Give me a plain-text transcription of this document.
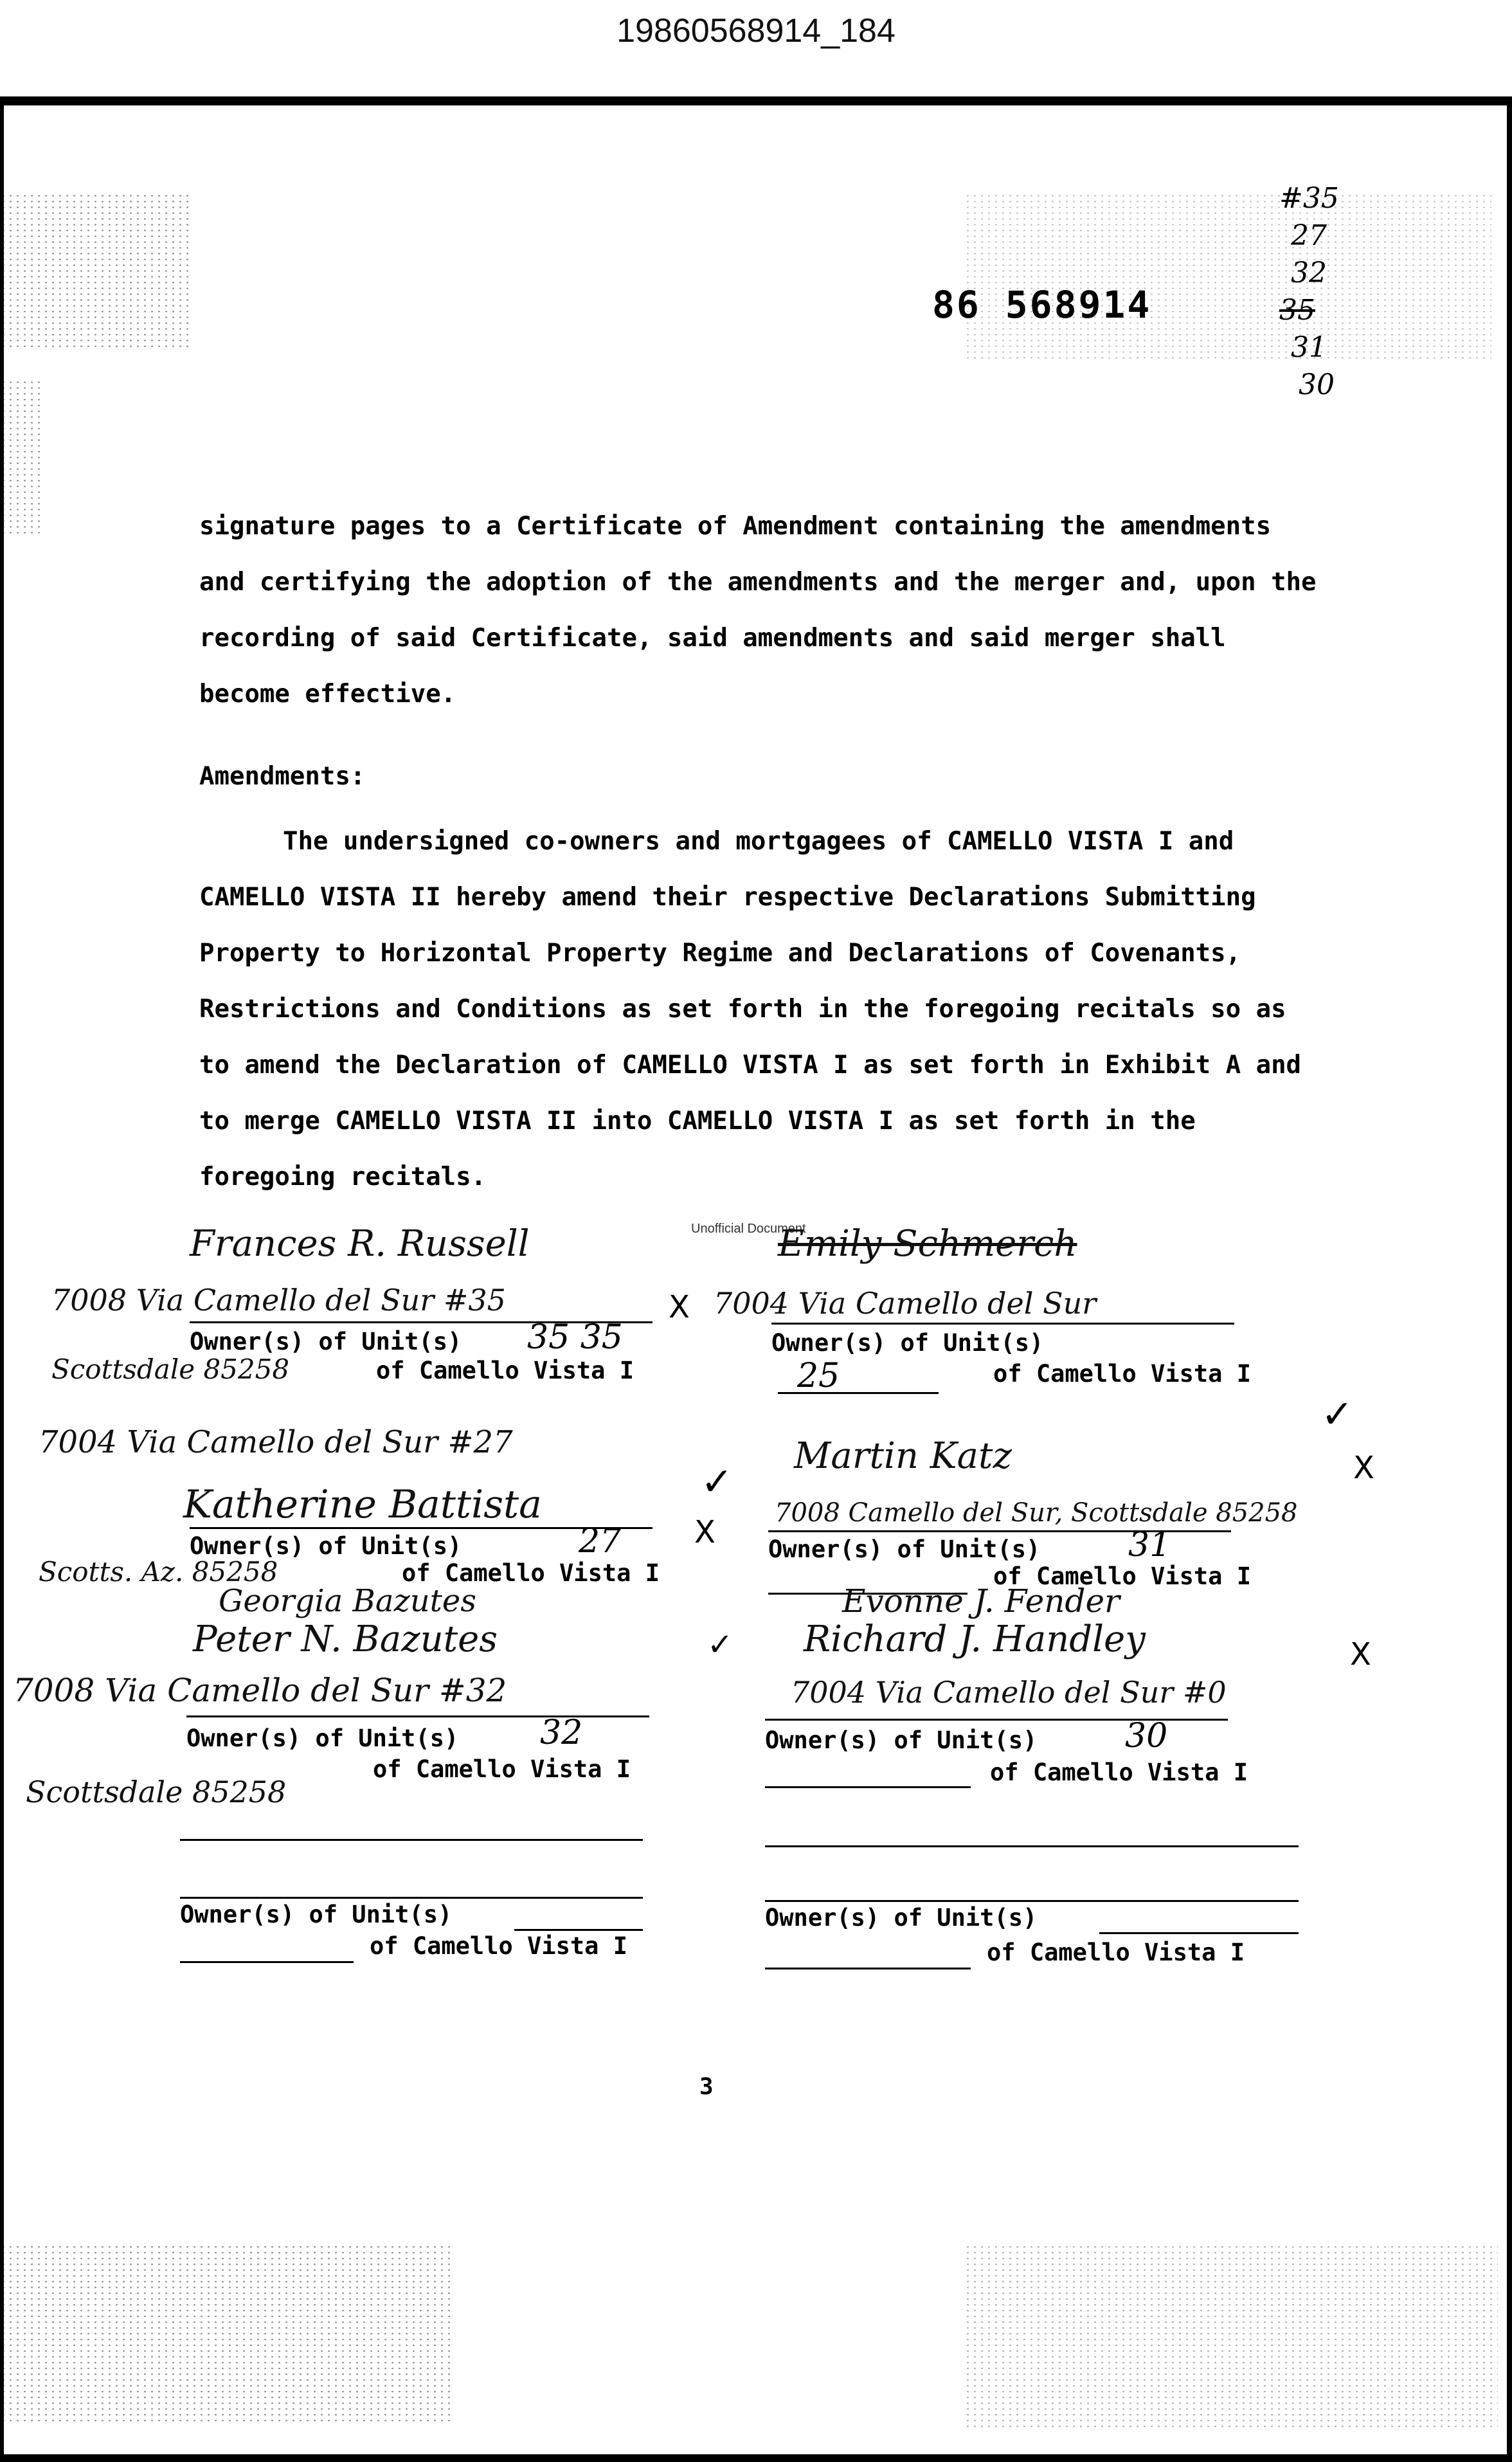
19860568914_184
86 568914
#35
27
32
35
31
30

signature pages to a Certificate of Amendment containing the amendments and certifying the adoption of the amendments and the merger and, upon the recording of said Certificate, said amendments and said merger shall become effective.

Amendments:

The undersigned co-owners and mortgagees of CAMELLO VISTA I and CAMELLO VISTA II hereby amend their respective Declarations Submitting Property to Horizontal Property Regime and Declarations of Covenants, Restrictions and Conditions as set forth in the foregoing recitals so as to amend the Declaration of CAMELLO VISTA I as set forth in Exhibit A and to merge CAMELLO VISTA II into CAMELLO VISTA I as set forth in the foregoing recitals.

Unofficial Document
Frances R. Russell
7008 Via Camello del Sur #35	X
Owner(s) of Unit(s) 35 35
Scottsdale 85258	of Camello Vista I
Emily Schmerch
7004 Via Camello del Sur
Owner(s) of Unit(s)
25	of Camello Vista I
7004 Via Camello del Sur #27
Katherine Battista	✓
X
Owner(s) of Unit(s)	27
Scotts. Az. 85258	of Camello Vista I
✓
Martin Katz	X
7008 Camello del Sur, Scottsdale 85258
Owner(s) of Unit(s)	31
of Camello Vista I
Georgia Bazutes
Peter N. Bazutes	✓
7008 Via Camello del Sur #32
Owner(s) of Unit(s) 32
of Camello Vista I
Scottsdale 85258
Evonne J. Fender
Richard J. Handley	X
7004 Via Camello del Sur #0
Owner(s) of Unit(s)	30
of Camello Vista I
Owner(s) of Unit(s)
of Camello Vista I
Owner(s) of Unit(s)
of Camello Vista I
3
